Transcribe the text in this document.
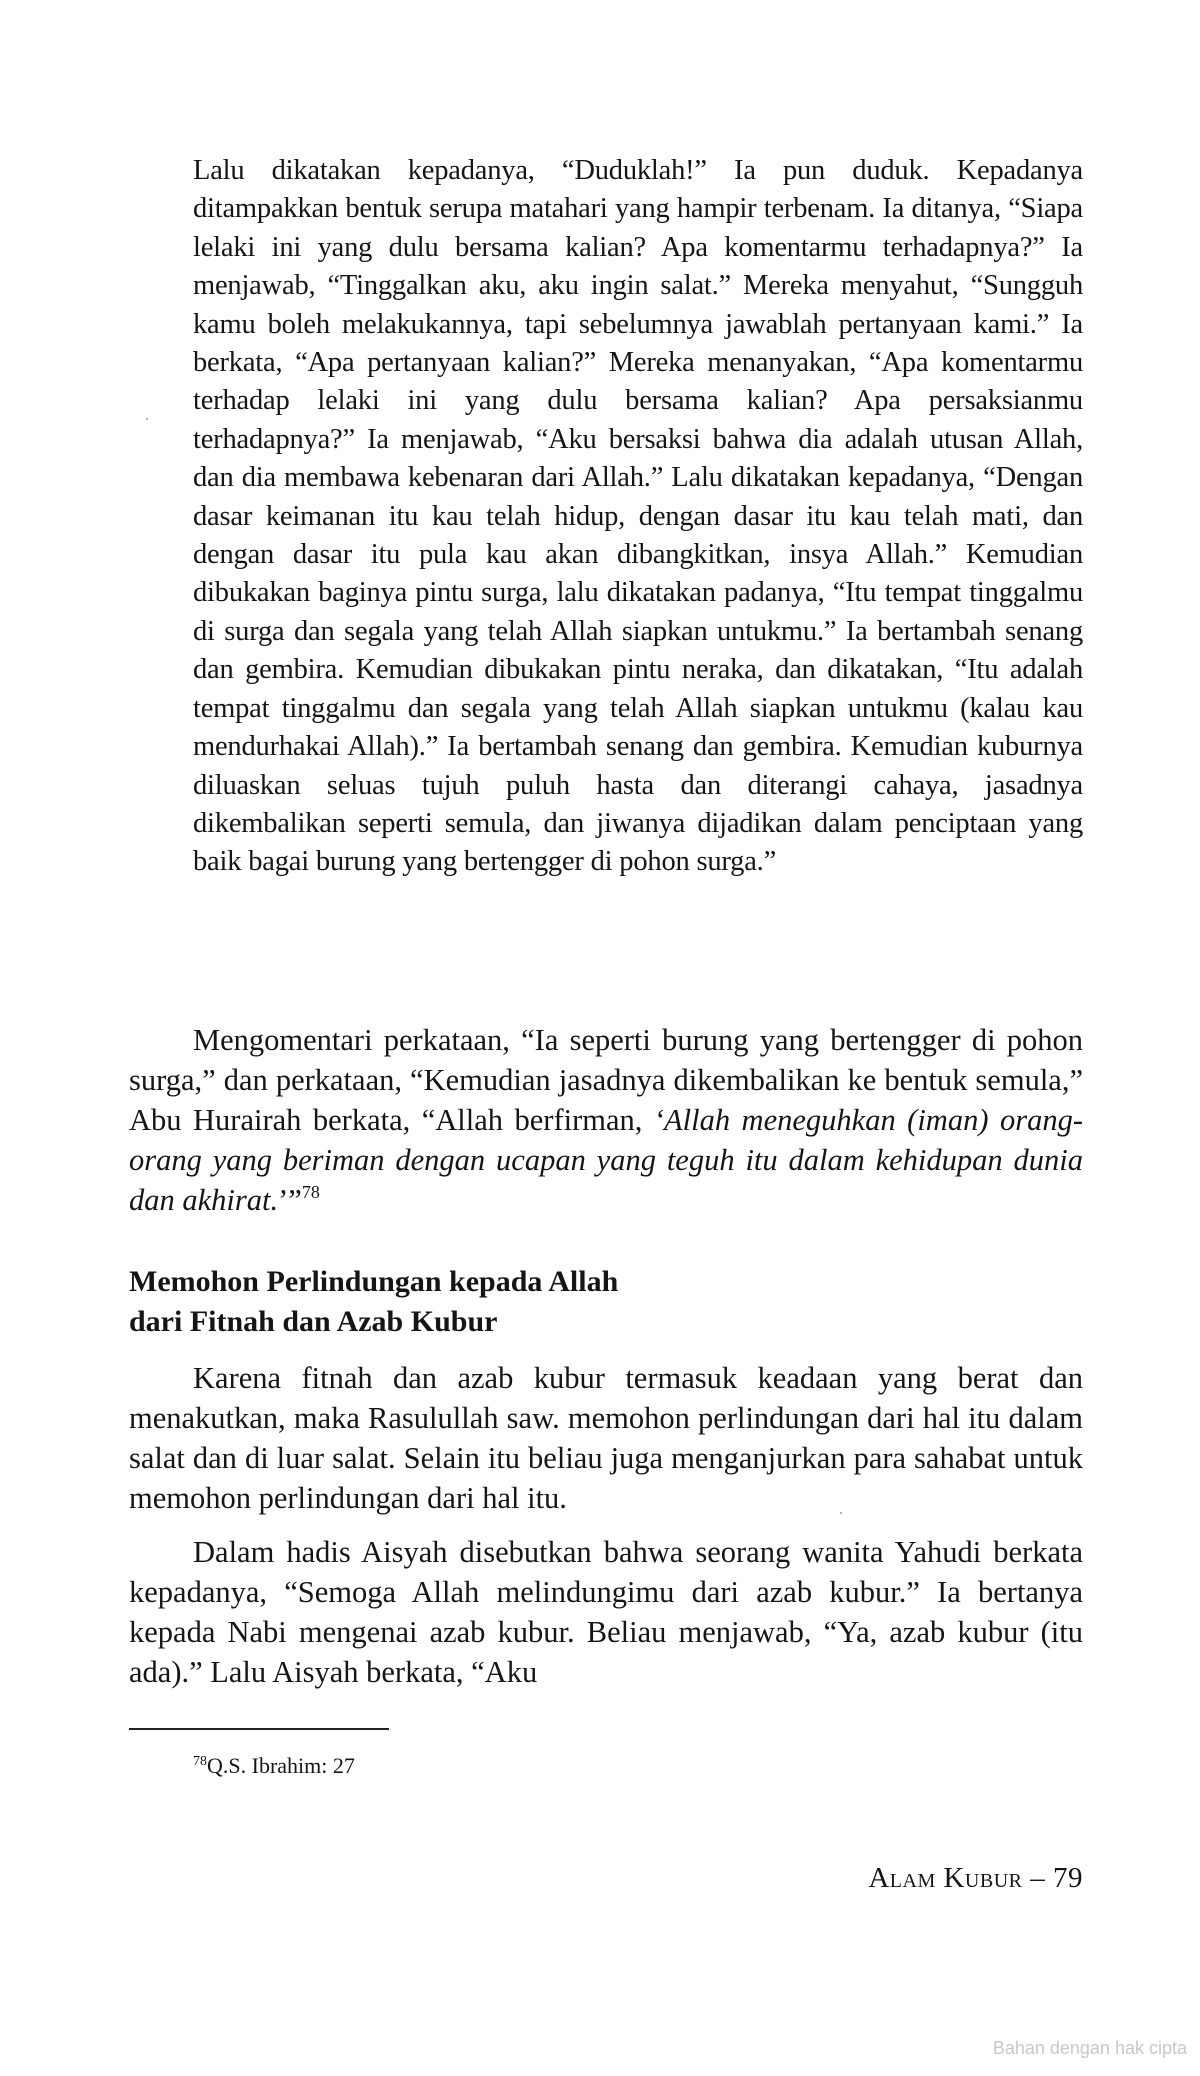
Lalu dikatakan kepadanya, “Duduklah!” Ia pun duduk. Kepadanya ditampakkan bentuk serupa matahari yang hampir terbenam. Ia ditanya, “Siapa lelaki ini yang dulu bersama kalian? Apa komentarmu terhadapnya?” Ia menjawab, “Tinggalkan aku, aku ingin salat.” Mereka menyahut, “Sungguh kamu boleh melakukannya, tapi sebelumnya jawablah pertanyaan kami.” Ia berkata, “Apa pertanyaan kalian?” Mereka menanyakan, “Apa komentarmu terhadap lelaki ini yang dulu bersama kalian? Apa persaksianmu terhadapnya?” Ia menjawab, “Aku bersaksi bahwa dia adalah utusan Allah, dan dia membawa kebenaran dari Allah.” Lalu dikatakan kepadanya, “Dengan dasar keimanan itu kau telah hidup, dengan dasar itu kau telah mati, dan dengan dasar itu pula kau akan dibangkitkan, insya Allah.” Kemudian dibukakan baginya pintu surga, lalu dikatakan padanya, “Itu tempat tinggalmu di surga dan segala yang telah Allah siapkan untukmu.” Ia bertambah senang dan gembira. Kemudian dibukakan pintu neraka, dan dikatakan, “Itu adalah tempat tinggalmu dan segala yang telah Allah siapkan untukmu (kalau kau mendurhakai Allah).” Ia bertambah senang dan gembira. Kemudian kuburnya diluaskan seluas tujuh puluh hasta dan diterangi cahaya, jasadnya dikembalikan seperti semula, dan jiwanya dijadikan dalam penciptaan yang baik bagai burung yang bertengger di pohon surga.”

Mengomentari perkataan, “Ia seperti burung yang bertengger di pohon surga,” dan perkataan, “Kemudian jasadnya dikembalikan ke bentuk semula,” Abu Hurairah berkata, “Allah berfirman, ‘Allah meneguhkan (iman) orang-orang yang beriman dengan ucapan yang teguh itu dalam kehidupan dunia dan akhirat.’”$^{78}$

Memohon Perlindungan kepada Allah
dari Fitnah dan Azab Kubur

Karena fitnah dan azab kubur termasuk keadaan yang berat dan menakutkan, maka Rasulullah saw. memohon perlindungan dari hal itu dalam salat dan di luar salat. Selain itu beliau juga menganjurkan para sahabat untuk memohon perlindungan dari hal itu.

Dalam hadis Aisyah disebutkan bahwa seorang wanita Yahudi berkata kepadanya, “Semoga Allah melindungimu dari azab kubur.” Ia bertanya kepada Nabi mengenai azab kubur. Beliau menjawab, “Ya, azab kubur (itu ada).” Lalu Aisyah berkata, “Aku

$^{78}$Q.S. Ibrahim: 27
Alam Kubur – 79
Bahan dengan hak cipta
